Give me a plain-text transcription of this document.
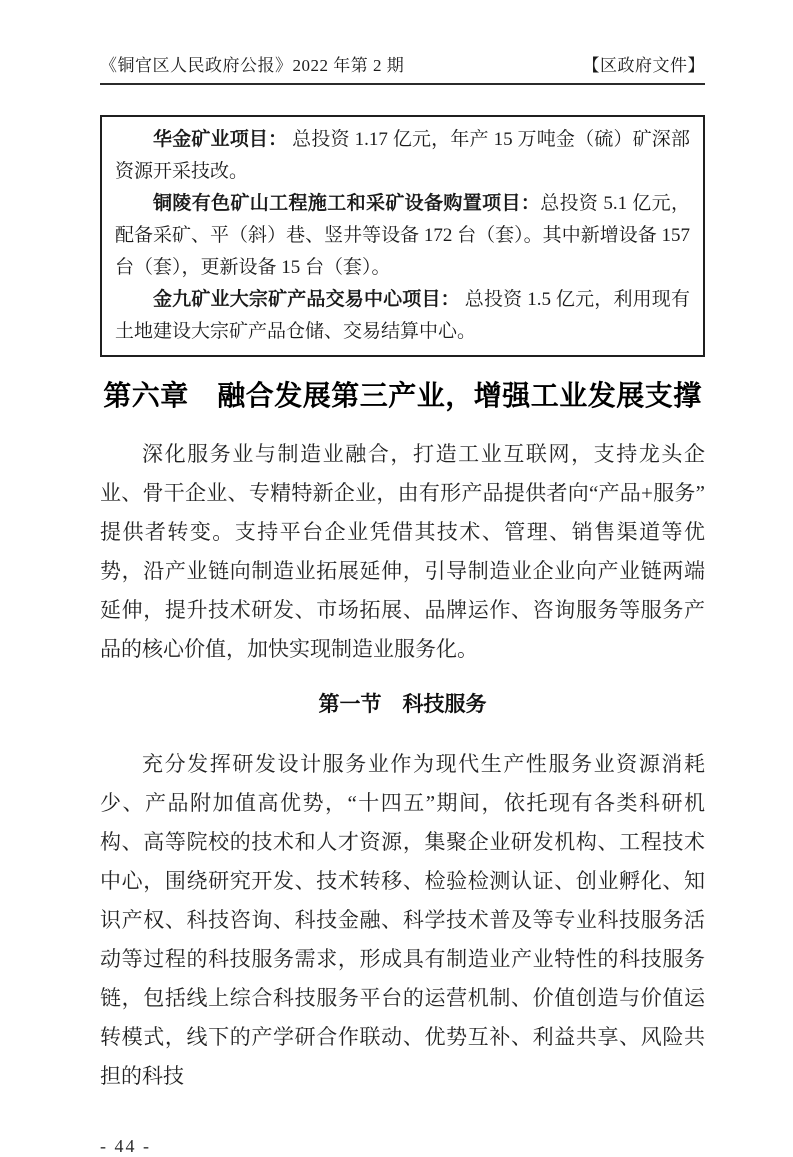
《铜官区人民政府公报》2022 年第 2 期	【区政府文件】

华金矿业项目： 总投资 1.17 亿元，年产 15 万吨金（硫）矿深部资源开采技改。

铜陵有色矿山工程施工和采矿设备购置项目：总投资 5.1 亿元，配备采矿、平（斜）巷、竖井等设备 172 台（套）。其中新增设备 157 台（套），更新设备 15 台（套）。

金九矿业大宗矿产品交易中心项目： 总投资 1.5 亿元，利用现有土地建设大宗矿产品仓储、交易结算中心。

第六章　融合发展第三产业，增强工业发展支撑

深化服务业与制造业融合，打造工业互联网，支持龙头企业、骨干企业、专精特新企业，由有形产品提供者向“产品+服务”提供者转变。支持平台企业凭借其技术、管理、销售渠道等优势，沿产业链向制造业拓展延伸，引导制造业企业向产业链两端延伸，提升技术研发、市场拓展、品牌运作、咨询服务等服务产品的核心价值，加快实现制造业服务化。

第一节　科技服务

充分发挥研发设计服务业作为现代生产性服务业资源消耗少、产品附加值高优势，“十四五”期间，依托现有各类科研机构、高等院校的技术和人才资源，集聚企业研发机构、工程技术中心，围绕研究开发、技术转移、检验检测认证、创业孵化、知识产权、科技咨询、科技金融、科学技术普及等专业科技服务活动等过程的科技服务需求，形成具有制造业产业特性的科技服务链，包括线上综合科技服务平台的运营机制、价值创造与价值运转模式，线下的产学研合作联动、优势互补、利益共享、风险共担的科技

- 44 -
